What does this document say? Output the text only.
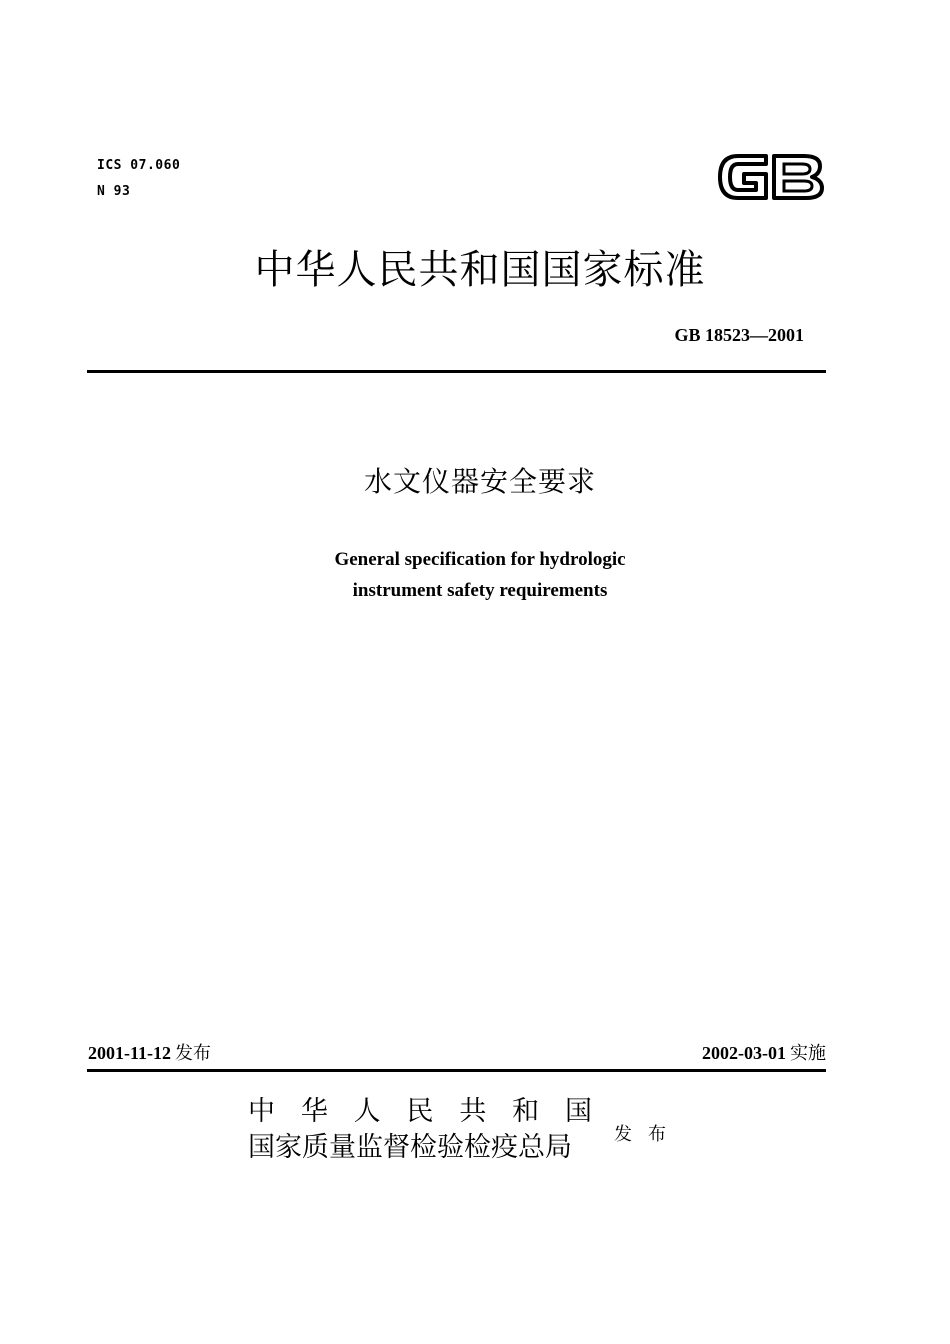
ICS 07.060
N 93
中华人民共和国国家标准
GB 18523—2001
水文仪器安全要求
General specification for hydrologic
instrument safety requirements
2001-11-12 发布	2002-03-01 实施
中 华 人 民 共 和 国
国家质量监督检验检疫总局 发布
